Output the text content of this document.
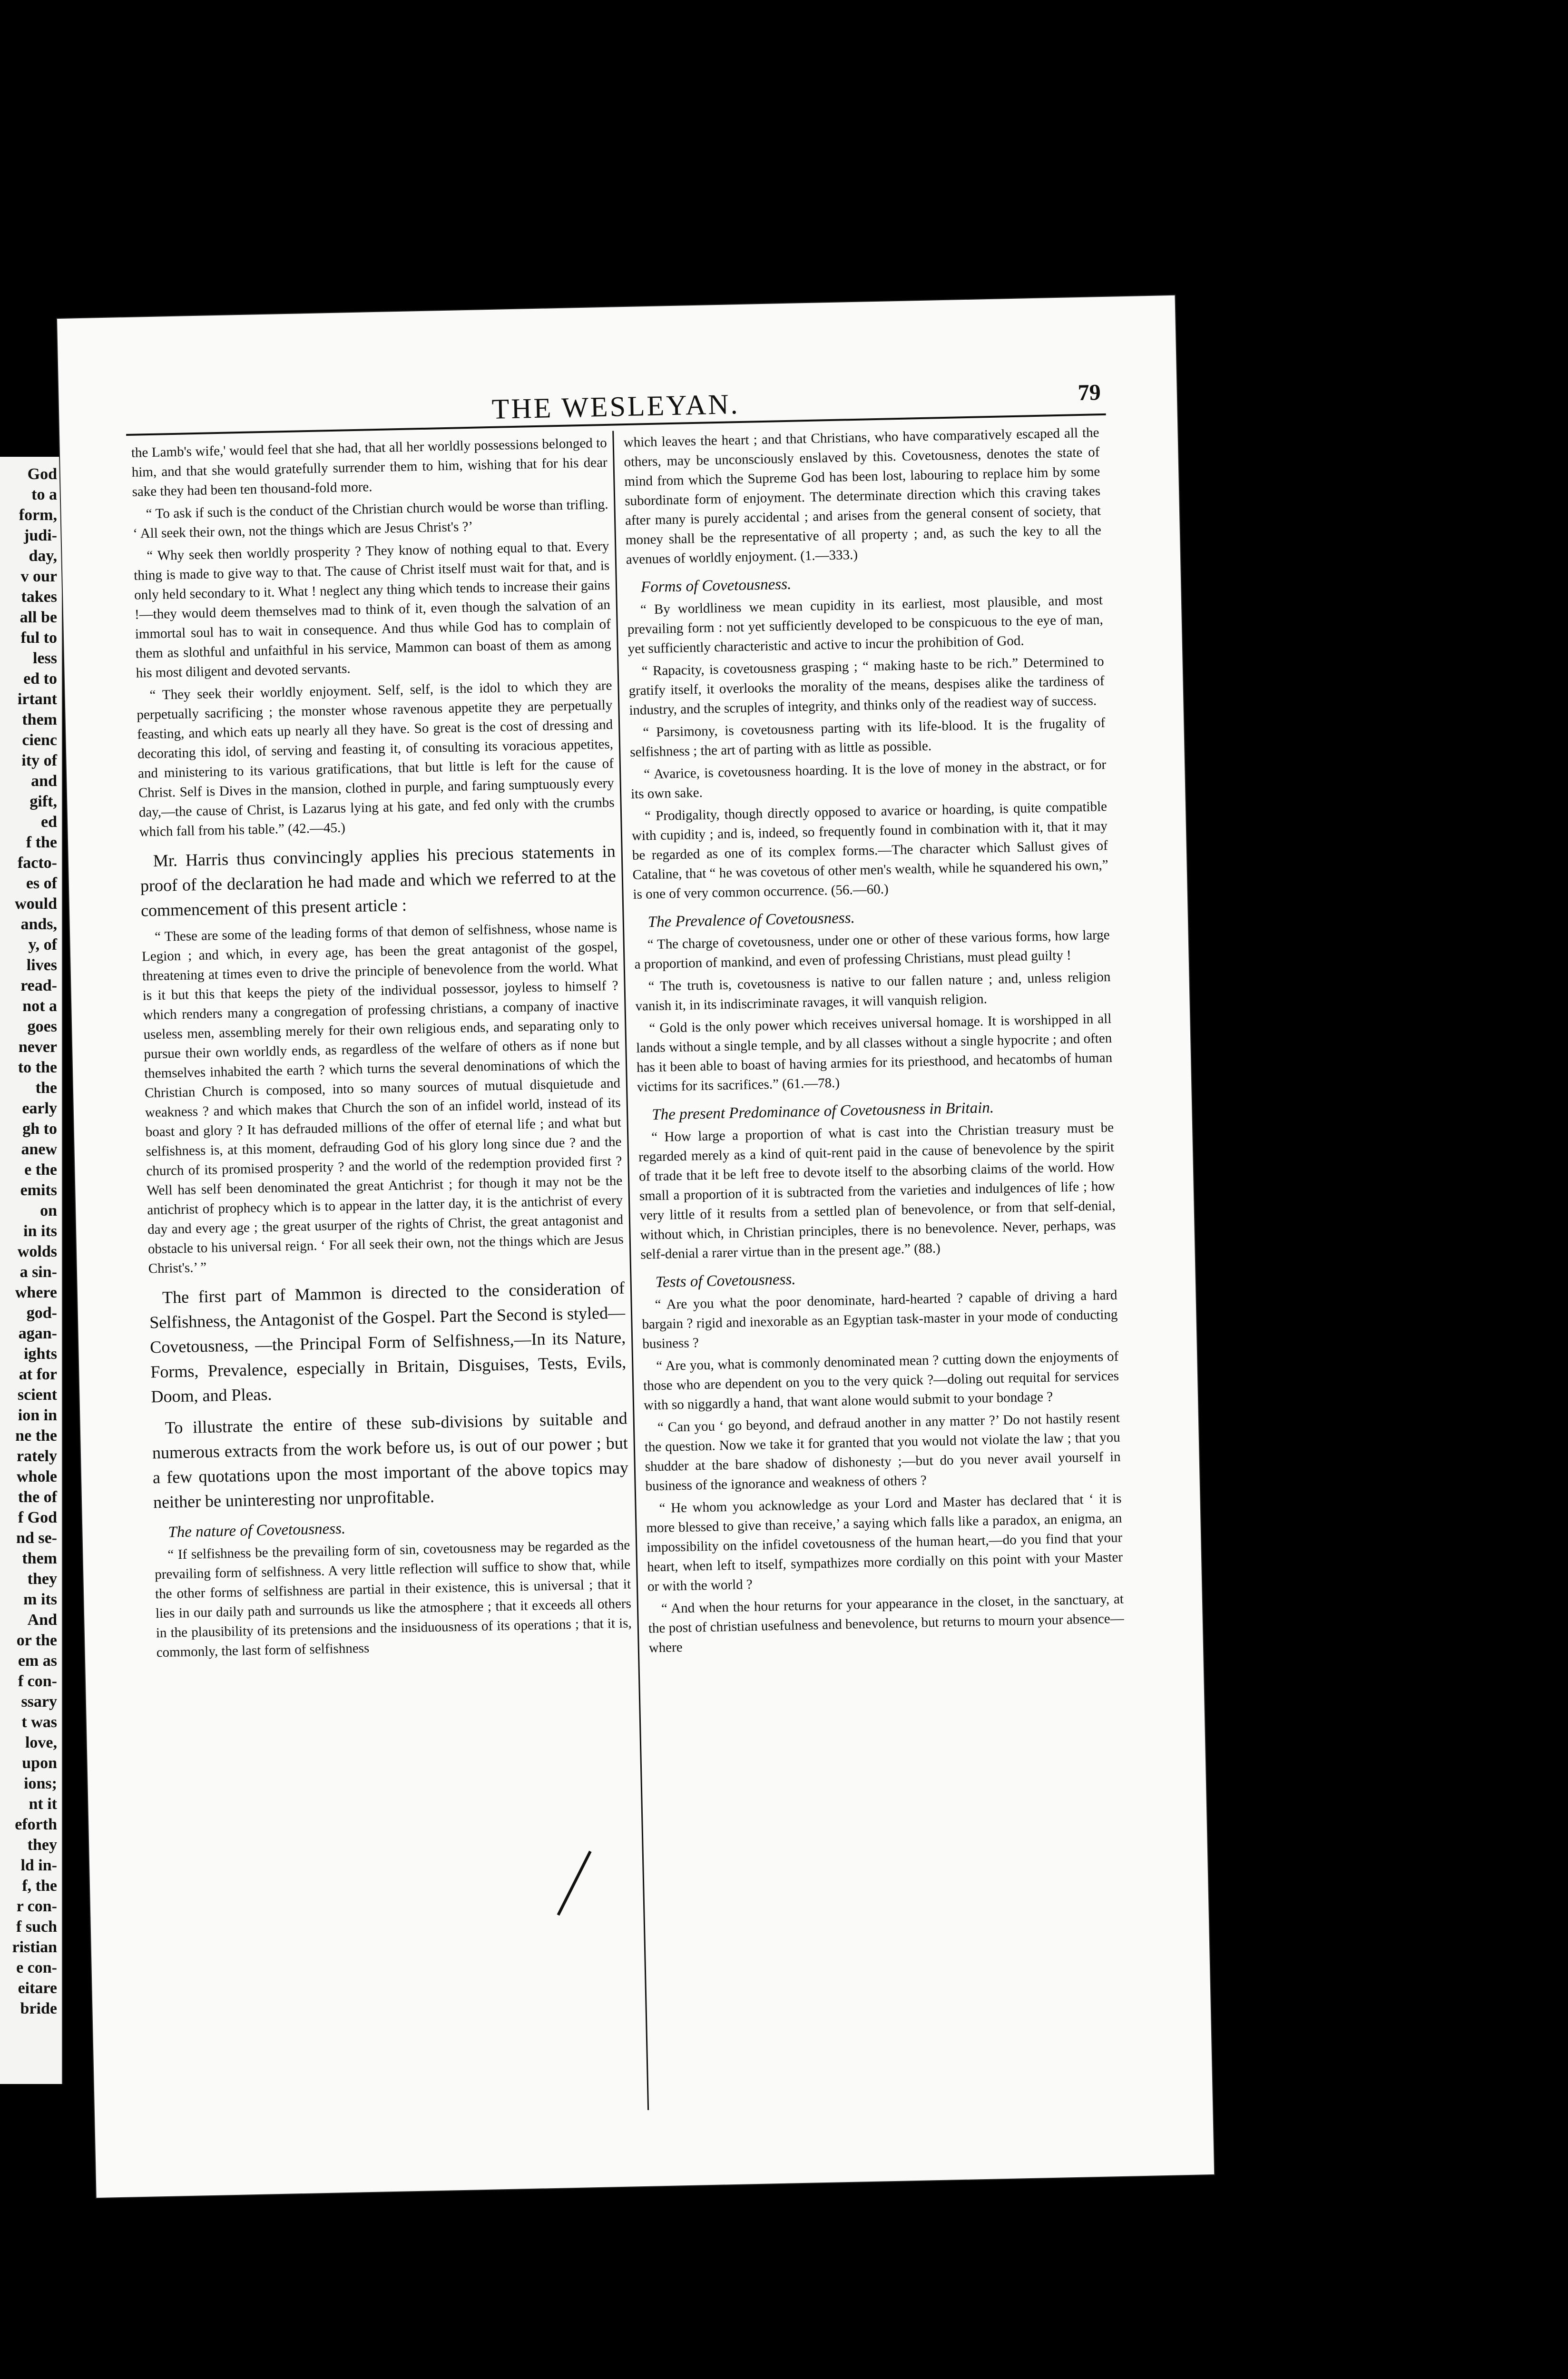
God
to a
form,
judi-
day,
v our
takes
all be
ful to
less
ed to
irtant
them
cienc
ity of
and
gift,
ed
f the
facto-
es of
would
ands,
y, of
lives
read-
not a
goes
never
to the
the
early
gh to
anew
e the
emits
on
in its
wolds
a sin-
where
god-
agan-
ights
at for
scient
ion in
ne the
rately
whole
the of
f God
nd se-
them
they
m its
And
or the
em as
f con-
ssary
t was
love,
upon
ions;
nt it
eforth
they
ld in-
f, the
r con-
f such
ristian
e con-
eitare
bride
THE WESLEYAN.	79

the Lamb's wife,' would feel that she had, that all her worldly possessions belonged to him, and that she would gratefully surrender them to him, wishing that for his dear sake they had been ten thousand-fold more.

“ To ask if such is the conduct of the Christian church would be worse than trifling. ‘ All seek their own, not the things which are Jesus Christ's ?’

“ Why seek then worldly prosperity ? They know of nothing equal to that. Every thing is made to give way to that. The cause of Christ itself must wait for that, and is only held secondary to it. What ! neglect any thing which tends to increase their gains !—they would deem themselves mad to think of it, even though the salvation of an immortal soul has to wait in consequence. And thus while God has to complain of them as slothful and unfaithful in his service, Mammon can boast of them as among his most diligent and devoted servants.

“ They seek their worldly enjoyment. Self, self, is the idol to which they are perpetually sacrificing ; the monster whose ravenous appetite they are perpetually feasting, and which eats up nearly all they have. So great is the cost of dressing and decorating this idol, of serving and feasting it, of consulting its voracious appetites, and ministering to its various gratifications, that but little is left for the cause of Christ. Self is Dives in the mansion, clothed in purple, and faring sumptuously every day,—the cause of Christ, is Lazarus lying at his gate, and fed only with the crumbs which fall from his table.” (42.—45.)

Mr. Harris thus convincingly applies his precious statements in proof of the declaration he had made and which we referred to at the commencement of this present article :

“ These are some of the leading forms of that demon of selfishness, whose name is Legion ; and which, in every age, has been the great antagonist of the gospel, threatening at times even to drive the principle of benevolence from the world. What is it but this that keeps the piety of the individual possessor, joyless to himself ? which renders many a congregation of professing christians, a company of inactive useless men, assembling merely for their own religious ends, and separating only to pursue their own worldly ends, as regardless of the welfare of others as if none but themselves inhabited the earth ? which turns the several denominations of which the Christian Church is composed, into so many sources of mutual disquietude and weakness ? and which makes that Church the son of an infidel world, instead of its boast and glory ? It has defrauded millions of the offer of eternal life ; and what but selfishness is, at this moment, defrauding God of his glory long since due ? and the church of its promised prosperity ? and the world of the redemption provided first ? Well has self been denominated the great Antichrist ; for though it may not be the antichrist of prophecy which is to appear in the latter day, it is the antichrist of every day and every age ; the great usurper of the rights of Christ, the great antagonist and obstacle to his universal reign. ‘ For all seek their own, not the things which are Jesus Christ's.’ ”

The first part of Mammon is directed to the consideration of Selfishness, the Antagonist of the Gospel. Part the Second is styled—Covetousness, —the Principal Form of Selfishness,—In its Nature, Forms, Prevalence, especially in Britain, Disguises, Tests, Evils, Doom, and Pleas.

To illustrate the entire of these sub-divisions by suitable and numerous extracts from the work before us, is out of our power ; but a few quotations upon the most important of the above topics may neither be uninteresting nor unprofitable.

The nature of Covetousness.

“ If selfishness be the prevailing form of sin, covetousness may be regarded as the prevailing form of selfishness. A very little reflection will suffice to show that, while the other forms of selfishness are partial in their existence, this is universal ; that it lies in our daily path and surrounds us like the atmosphere ; that it exceeds all others in the plausibility of its pretensions and the insiduousness of its operations ; that it is, commonly, the last form of selfishness

which leaves the heart ; and that Christians, who have comparatively escaped all the others, may be unconsciously enslaved by this. Covetousness, denotes the state of mind from which the Supreme God has been lost, labouring to replace him by some subordinate form of enjoyment. The determinate direction which this craving takes after many is purely accidental ; and arises from the general consent of society, that money shall be the representative of all property ; and, as such the key to all the avenues of worldly enjoyment. (1.—333.)

Forms of Covetousness.

“ By worldliness we mean cupidity in its earliest, most plausible, and most prevailing form : not yet sufficiently developed to be conspicuous to the eye of man, yet sufficiently characteristic and active to incur the prohibition of God.

“ Rapacity, is covetousness grasping ; “ making haste to be rich.” Determined to gratify itself, it overlooks the morality of the means, despises alike the tardiness of industry, and the scruples of integrity, and thinks only of the readiest way of success.

“ Parsimony, is covetousness parting with its life-blood. It is the frugality of selfishness ; the art of parting with as little as possible.

“ Avarice, is covetousness hoarding. It is the love of money in the abstract, or for its own sake.

“ Prodigality, though directly opposed to avarice or hoarding, is quite compatible with cupidity ; and is, indeed, so frequently found in combination with it, that it may be regarded as one of its complex forms.—The character which Sallust gives of Cataline, that “ he was covetous of other men's wealth, while he squandered his own,” is one of very common occurrence. (56.—60.)

The Prevalence of Covetousness.

“ The charge of covetousness, under one or other of these various forms, how large a proportion of mankind, and even of professing Christians, must plead guilty !

“ The truth is, covetousness is native to our fallen nature ; and, unless religion vanish it, in its indiscriminate ravages, it will vanquish religion.

“ Gold is the only power which receives universal homage. It is worshipped in all lands without a single temple, and by all classes without a single hypocrite ; and often has it been able to boast of having armies for its priesthood, and hecatombs of human victims for its sacrifices.” (61.—78.)

The present Predominance of Covetousness in Britain.

“ How large a proportion of what is cast into the Christian treasury must be regarded merely as a kind of quit-rent paid in the cause of benevolence by the spirit of trade that it be left free to devote itself to the absorbing claims of the world. How small a proportion of it is subtracted from the varieties and indulgences of life ; how very little of it results from a settled plan of benevolence, or from that self-denial, without which, in Christian principles, there is no benevolence. Never, perhaps, was self-denial a rarer virtue than in the present age.” (88.)

Tests of Covetousness.

“ Are you what the poor denominate, hard-hearted ? capable of driving a hard bargain ? rigid and inexorable as an Egyptian task-master in your mode of conducting business ?

“ Are you, what is commonly denominated mean ? cutting down the enjoyments of those who are dependent on you to the very quick ?—doling out requital for services with so niggardly a hand, that want alone would submit to your bondage ?

“ Can you ‘ go beyond, and defraud another in any matter ?’ Do not hastily resent the question. Now we take it for granted that you would not violate the law ; that you shudder at the bare shadow of dishonesty ;—but do you never avail yourself in business of the ignorance and weakness of others ?

“ He whom you acknowledge as your Lord and Master has declared that ‘ it is more blessed to give than receive,’ a saying which falls like a paradox, an enigma, an impossibility on the infidel covetousness of the human heart,—do you find that your heart, when left to itself, sympathizes more cordially on this point with your Master or with the world ?

“ And when the hour returns for your appearance in the closet, in the sanctuary, at the post of christian usefulness and benevolence, but returns to mourn your absence—where
